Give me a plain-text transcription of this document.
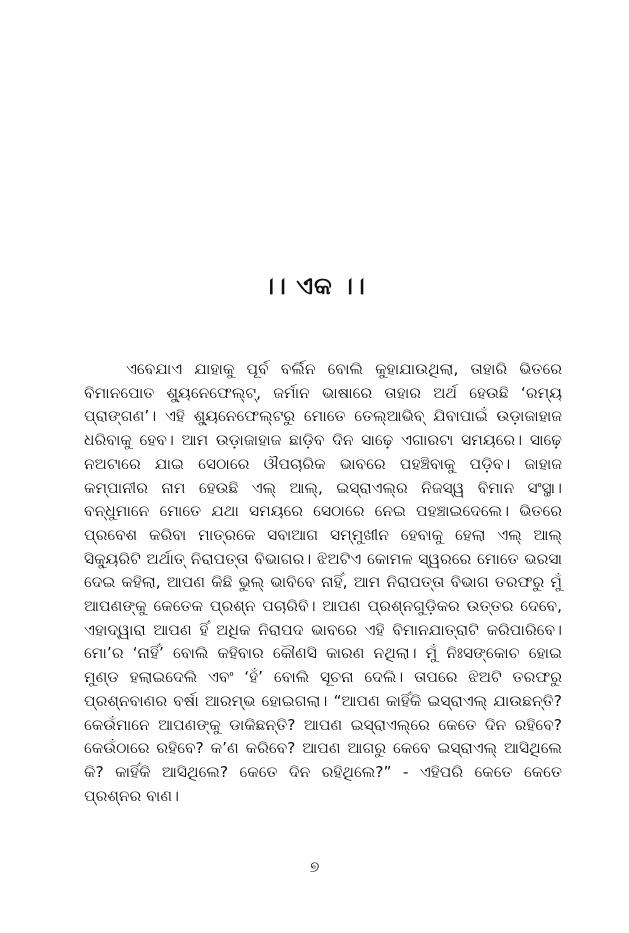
।। ଏକ ।।

ଏବେଯାଏ ଯାହାକୁ ପୂର୍ବ ବର୍ଲିନ ବୋଲି କୁହାଯାଉଥିଲା, ତାହାରି ଭିତରେ ବିମାନପୋତ ଶ୍ୟୁନେଫେଲ୍ଟ୍, ଜର୍ମାନ ଭାଷାରେ ତାହାର ଅର୍ଥ ହେଉଛି ‘ରମ୍ୟ ପ୍ରାଙ୍ଗଣ’। ଏହି ଶ୍ୟୁନେଫେଲ୍ଟରୁ ମୋତେ ତେଲ୍‌ଆଭିବ୍ ଯିବାପାଇଁ ଉଡ଼ାଜାହାଜ ଧରିବାକୁ ହେବ। ଆମ ଉଡ଼ାଜାହାଜ ଛାଡ଼ିବ ଦିନ ସାଢ଼େ ଏଗାରଟା ସମୟରେ। ସାଢ଼େ ନଅଟାରେ ଯାଇ ସେଠାରେ ଔପଚାରିକ ଭାବରେ ପହଞ୍ଚିବାକୁ ପଡ଼ିବ। ଜାହାଜ କମ୍ପାନୀର ନାମ ହେଉଛି ଏଲ୍ ଆଲ୍, ଇସ୍ରାଏଲ୍‌ର ନିଜସ୍ୱ ବିମାନ ସଂସ୍ଥା। ବନ୍ଧୁମାନେ ମୋତେ ଯଥା ସମୟରେ ସେଠାରେ ନେଇ ପହଞ୍ଚାଇଦେଲେ। ଭିତରେ ପ୍ରବେଶ କରିବା ମାତ୍ରକେ ସବାଆଗ ସମ୍ମୁଖୀନ ହେବାକୁ ହେଲା ଏଲ୍ ଆଲ୍ ସିକ୍ୟୁରିଟି ଅର୍ଥାତ୍ ନିରାପତ୍ତା ବିଭାଗର। ଝିଅଟିଏ କୋମଳ ସ୍ୱରରେ ମୋତେ ଭରସା ଦେଇ କହିଲା, ଆପଣ କିଛି ଭୁଲ୍ ଭାବିବେ ନାହିଁ, ଆମ ନିରାପତ୍ତା ବିଭାଗ ତରଫରୁ ମୁଁ ଆପଣଙ୍କୁ କେତେକ ପ୍ରଶ୍ନ ପଚାରିବି। ଆପଣ ପ୍ରଶ୍ନଗୁଡ଼ିକର ଉତ୍ତର ଦେବେ, ଏହାଦ୍ୱାରା ଆପଣ ହିଁ ଅଧିକ ନିରାପଦ ଭାବରେ ଏହି ବିମାନଯାତ୍ରାଟି କରିପାରିବେ। ମୋ’ର ‘ନାହିଁ’ ବୋଲି କହିବାର କୌଣସି କାରଣ ନଥିଲା। ମୁଁ ନିଃସଙ୍କୋଚ ହୋଇ ମୁଣ୍ଡ ହଲାଇଦେଲି ଏବଂ ‘ହଁ’ ବୋଲି ସୂଚନା ଦେଲି। ତାପରେ ଝିଅଟି ତରଫରୁ ପ୍ରଶ୍ନବାଣର ବର୍ଷା ଆରମ୍ଭ ହୋଇଗଲା। “ଆପଣ କାହିଁକି ଇସ୍ରାଏଲ୍ ଯାଉଛନ୍ତି? କେଉଁମାନେ ଆପଣଙ୍କୁ ଡାକିଛନ୍ତି? ଆପଣ ଇସ୍ରାଏଲ୍‌ରେ କେତେ ଦିନ ରହିବେ? କେଉଁଠାରେ ରହିବେ? କ’ଣ କରିବେ? ଆପଣ ଆଗରୁ କେବେ ଇସ୍ରାଏଲ୍ ଆସିଥିଲେ କି? କାହିଁକି ଆସିଥିଲେ? କେତେ ଦିନ ରହିଥିଲେ?” - ଏହିପରି କେତେ କେତେ ପ୍ରଶ୍ନର ବାଣ।

୭
